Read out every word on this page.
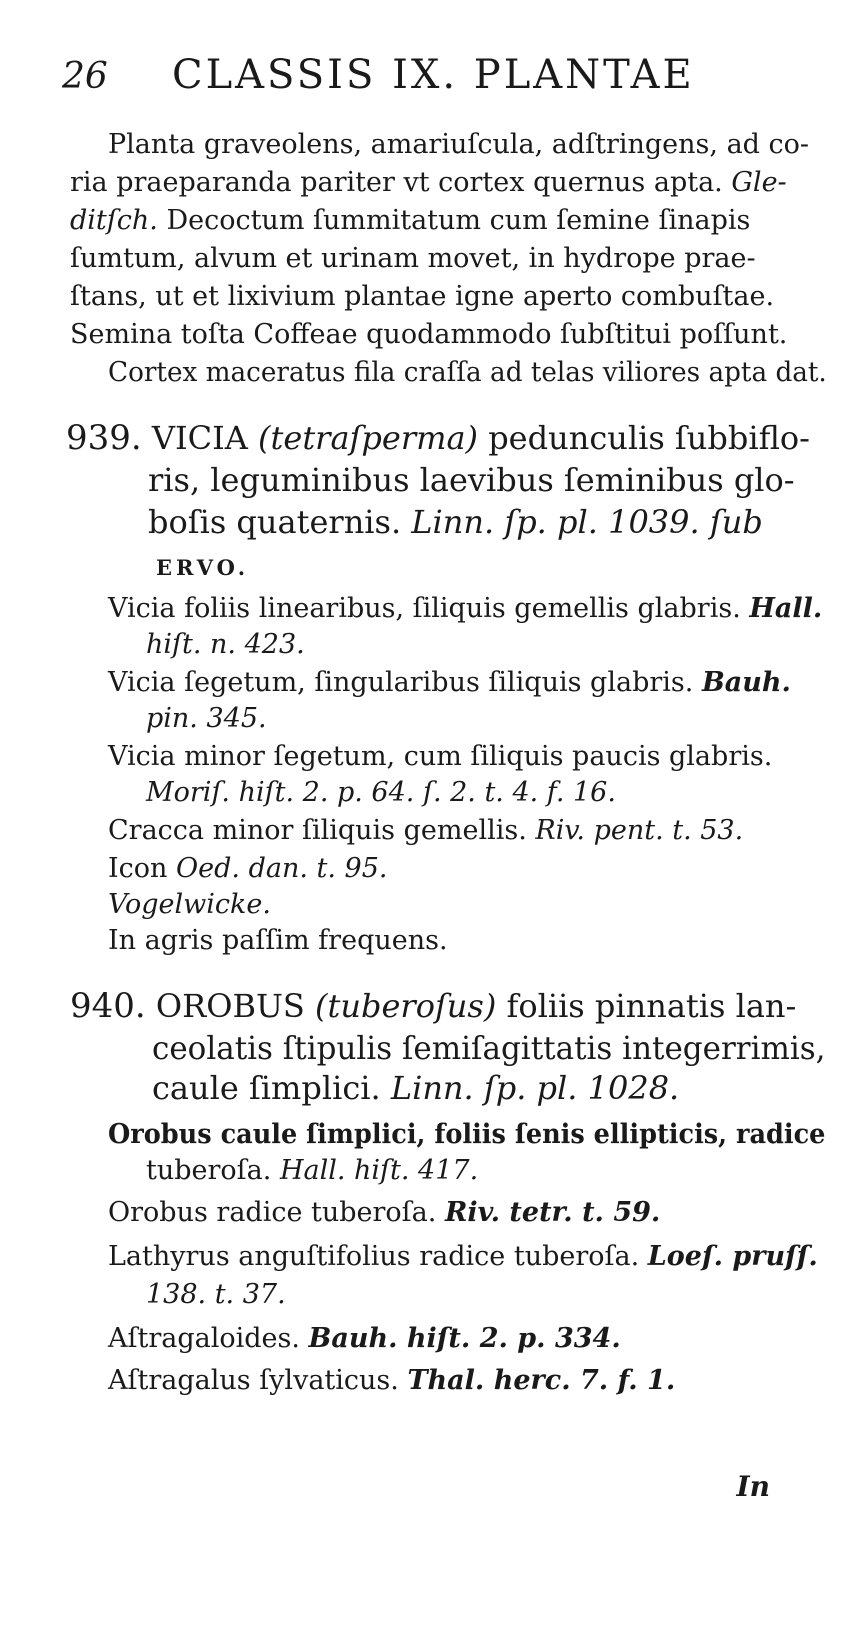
26 CLASSIS IX. PLANTAE
Planta graveolens, amariuſcula, adſtringens, ad co-
ria praeparanda pariter vt cortex quernus apta. Gle-
ditſch. Decoctum ſummitatum cum ſemine ſinapis
ſumtum, alvum et urinam movet, in hydrope prae-
ſtans, ut et lixivium plantae igne aperto combuſtae.
Semina toſta Coffeae quodammodo ſubſtitui poſſunt.
Cortex maceratus fila craſſa ad telas viliores apta dat.
939. VICIA (tetraſperma) pedunculis ſubbiflo-
ris, leguminibus laevibus ſeminibus glo-
boſis quaternis. Linn. ſp. pl. 1039. ſub
ERVO.
Vicia foliis linearibus, ſiliquis gemellis glabris. Hall.
hiſt. n. 423.
Vicia ſegetum, ſingularibus ſiliquis glabris. Bauh.
pin. 345.
Vicia minor ſegetum, cum ſiliquis paucis glabris.
Moriſ. hiſt. 2. p. 64. ſ. 2. t. 4. f. 16.
Cracca minor ſiliquis gemellis. Riv. pent. t. 53.
Icon Oed. dan. t. 95.
Vogelwicke.
In agris paſſim frequens.
940. OROBUS (tuberoſus) foliis pinnatis lan-
ceolatis ſtipulis ſemiſagittatis integerrimis,
caule ſimplici. Linn. ſp. pl. 1028.
Orobus caule ſimplici, foliis ſenis ellipticis, radice
tuberoſa. Hall. hiſt. 417.
Orobus radice tuberoſa. Riv. tetr. t. 59.
Lathyrus anguſtifolius radice tuberoſa. Loeſ. pruſſ.
138. t. 37.
Aſtragaloides. Bauh. hiſt. 2. p. 334.
Aſtragalus ſylvaticus. Thal. herc. 7. f. 1.
In
